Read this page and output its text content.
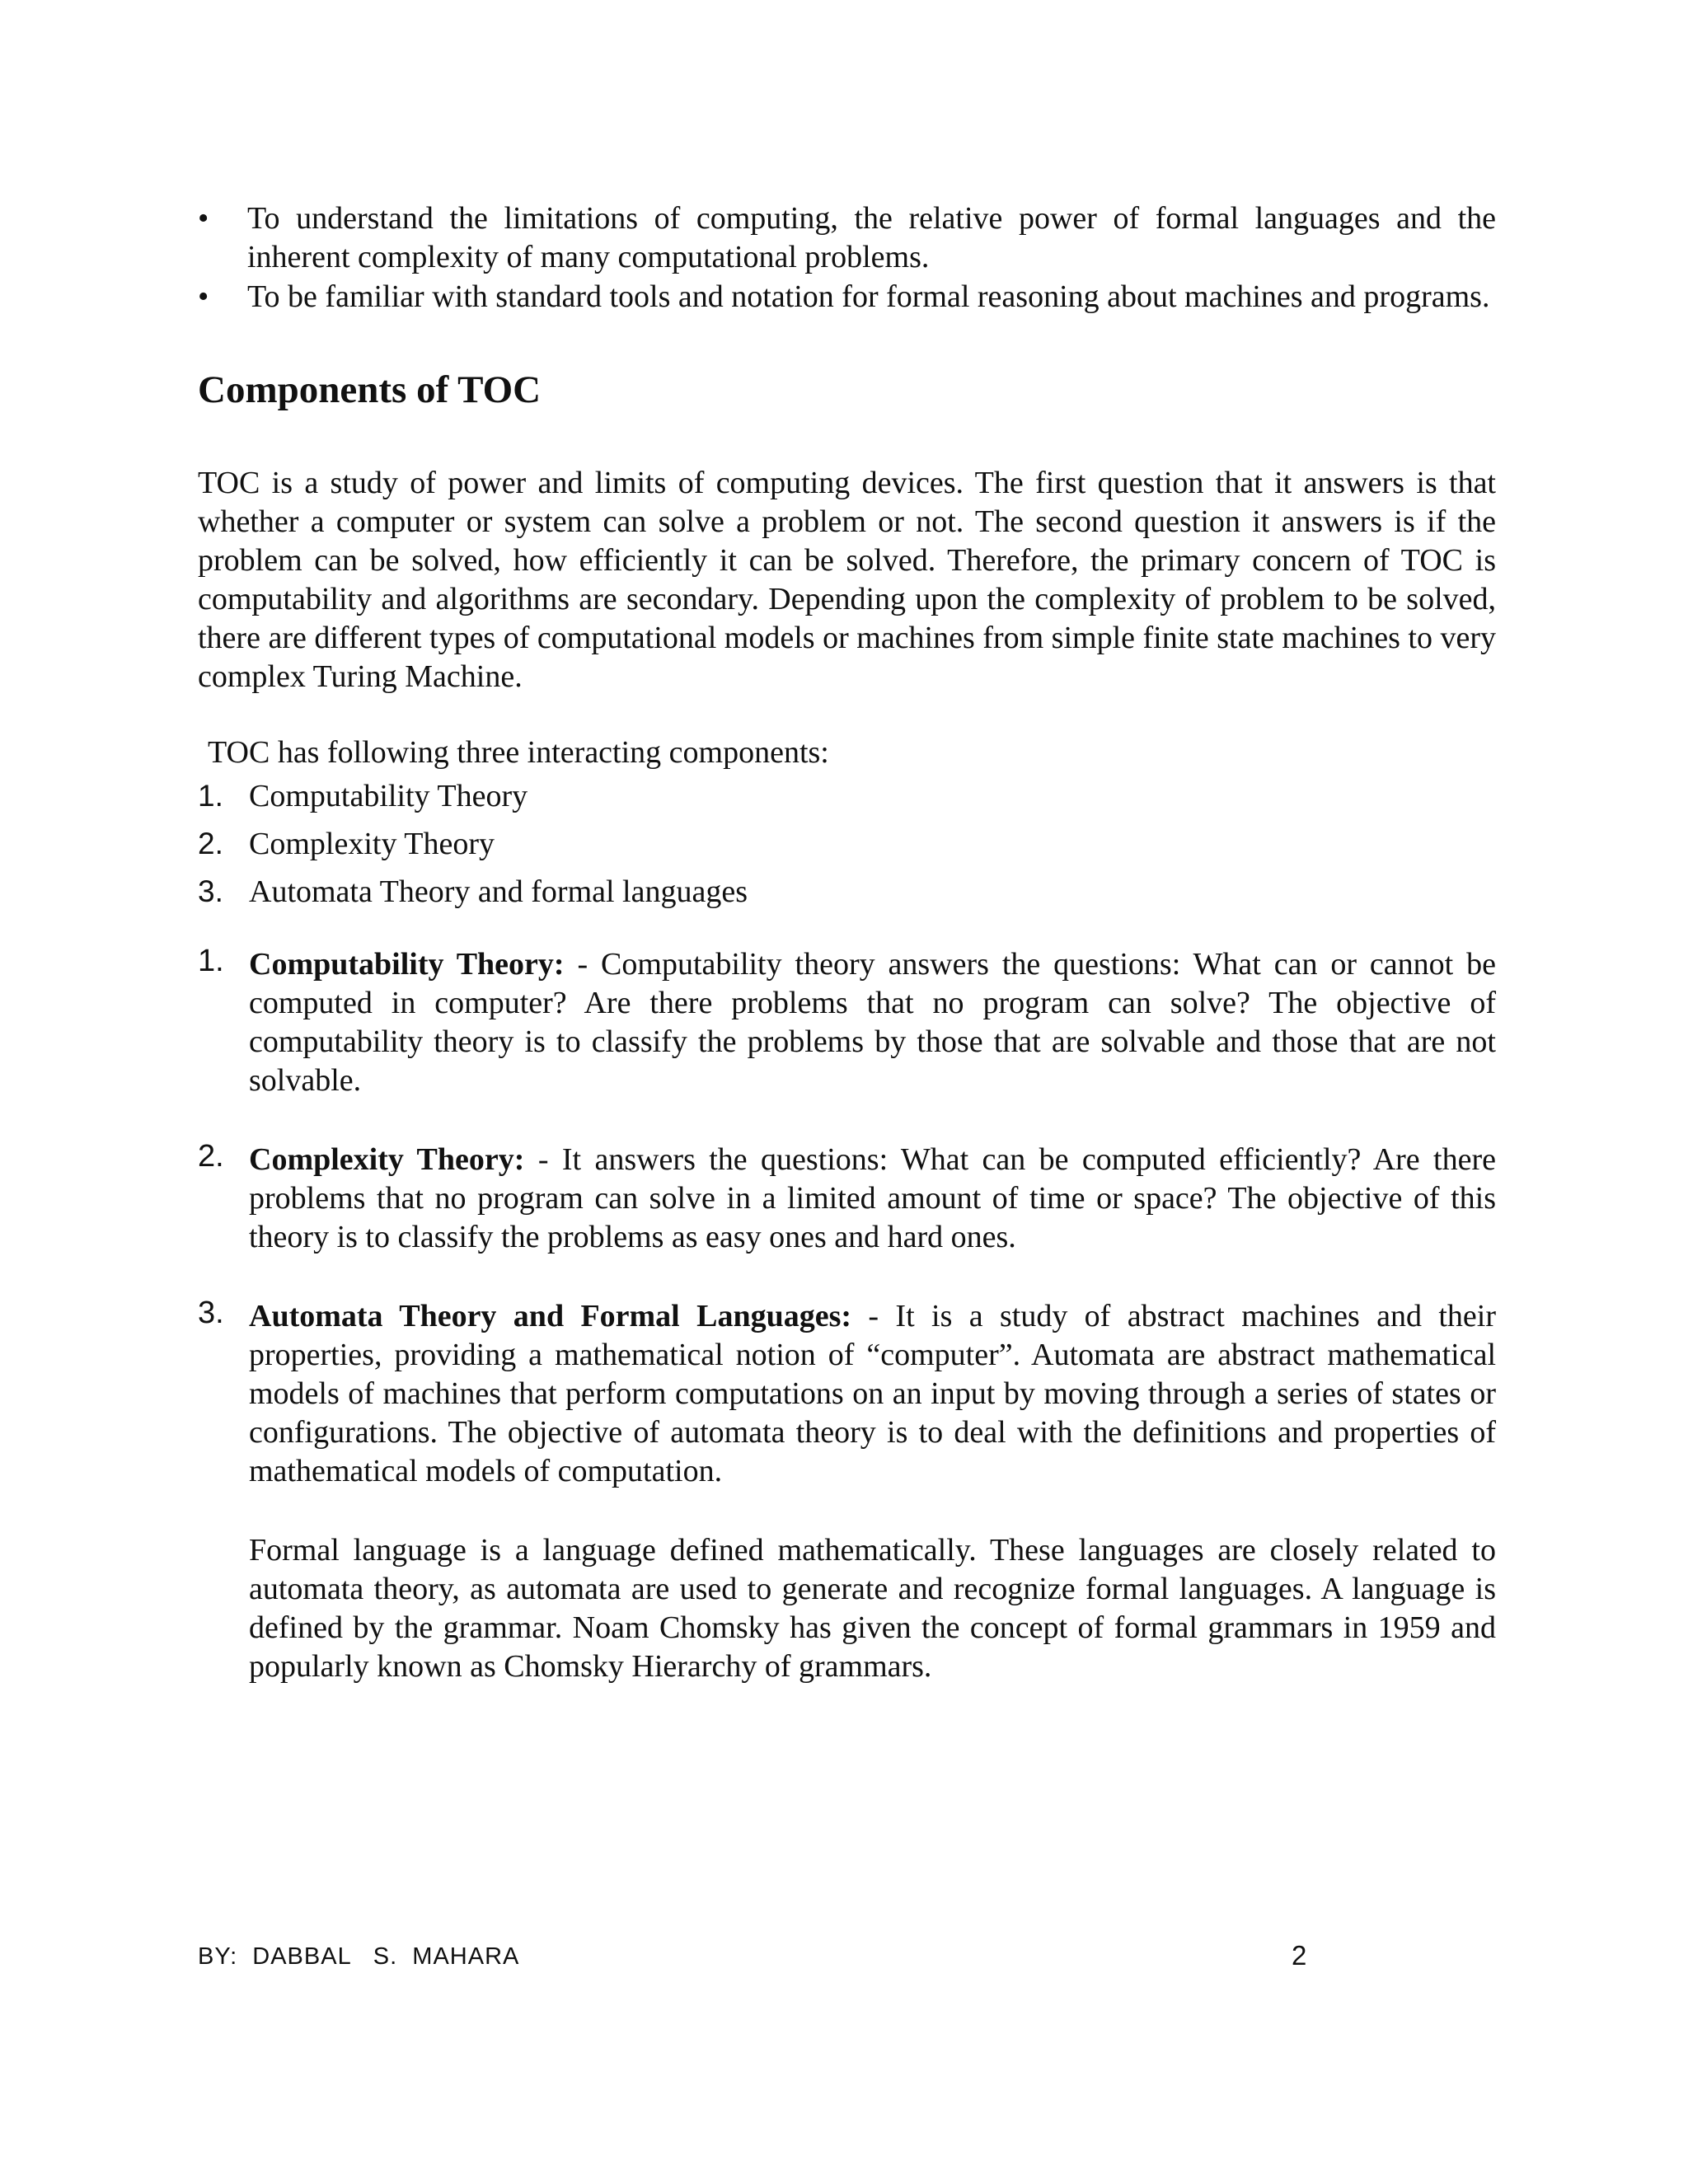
•	To understand the limitations of computing, the relative power of formal languages and the inherent complexity of many computational problems.
•	To be familiar with standard tools and notation for formal reasoning about machines and programs.
Components of TOC

TOC is a study of power and limits of computing devices. The first question that it answers is that whether a computer or system can solve a problem or not. The second question it answers is if the problem can be solved, how efficiently it can be solved. Therefore, the primary concern of TOC is computability and algorithms are secondary. Depending upon the complexity of problem to be solved, there are different types of computational models or machines from simple finite state machines to very complex Turing Machine.

TOC has following three interacting components:

1. Computability Theory
2. Complexity Theory
3. Automata Theory and formal languages
1. Computability Theory: - Computability theory answers the questions: What can or cannot be computed in computer? Are there problems that no program can solve? The objective of computability theory is to classify the problems by those that are solvable and those that are not solvable.

2. Complexity Theory: - It answers the questions: What can be computed efficiently? Are there problems that no program can solve in a limited amount of time or space? The objective of this theory is to classify the problems as easy ones and hard ones.

3. Automata Theory and Formal Languages: - It is a study of abstract machines and their properties, providing a mathematical notion of “computer”. Automata are abstract mathematical models of machines that perform computations on an input by moving through a series of states or configurations. The objective of automata theory is to deal with the definitions and properties of mathematical models of computation.

Formal language is a language defined mathematically. These languages are closely related to automata theory, as automata are used to generate and recognize formal languages. A language is defined by the grammar. Noam Chomsky has given the concept of formal grammars in 1959 and popularly known as Chomsky Hierarchy of grammars.

BY:  DABBAL   S.  MAHARA	2
